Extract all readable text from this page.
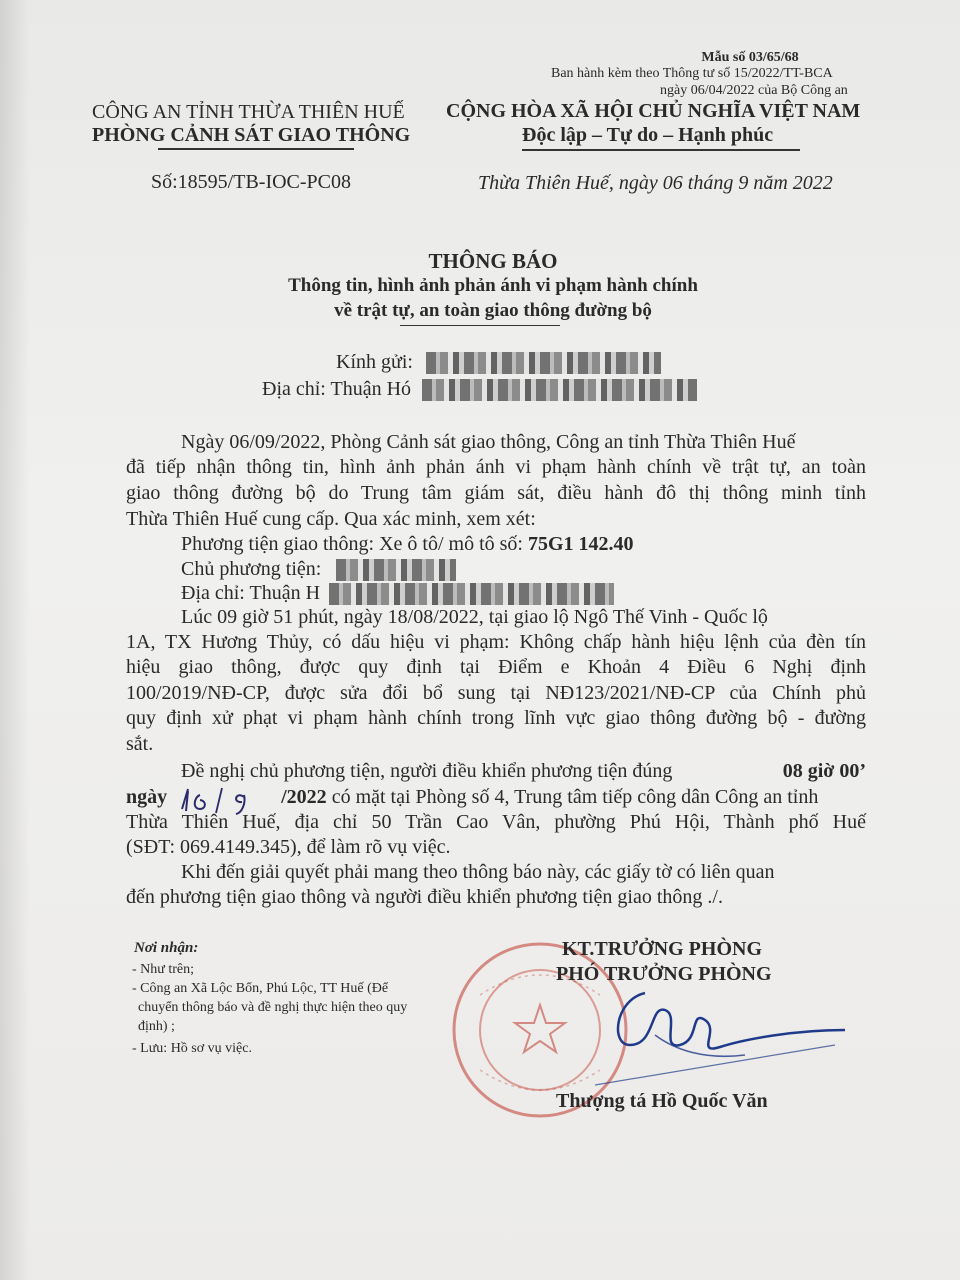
Mẫu số 03/65/68
Ban hành kèm theo Thông tư số 15/2022/TT-BCA
ngày 06/04/2022 của Bộ Công an
CÔNG AN TỈNH THỪA THIÊN HUẾ
PHÒNG CẢNH SÁT GIAO THÔNG
Số:18595/TB-IOC-PC08
CỘNG HÒA XÃ HỘI CHỦ NGHĨA VIỆT NAM
Độc lập – Tự do – Hạnh phúc
Thừa Thiên Huế, ngày 06 tháng 9 năm 2022
THÔNG BÁO
Thông tin, hình ảnh phản ánh vi phạm hành chính
về trật tự, an toàn giao thông đường bộ
Kính gửi:
Địa chỉ: Thuận Hó
Ngày 06/09/2022, Phòng Cảnh sát giao thông, Công an tỉnh Thừa Thiên Huế
đã tiếp nhận thông tin, hình ảnh phản ánh vi phạm hành chính về trật tự, an toàn
giao thông đường bộ do Trung tâm giám sát, điều hành đô thị thông minh tỉnh
Thừa Thiên Huế cung cấp. Qua xác minh, xem xét:
Phương tiện giao thông: Xe ô tô/ mô tô số: 75G1 142.40
Chủ phương tiện:
Địa chỉ: Thuận H
Lúc 09 giờ 51 phút, ngày 18/08/2022, tại giao lộ Ngô Thế Vinh - Quốc lộ
1A, TX Hương Thủy, có dấu hiệu vi phạm: Không chấp hành hiệu lệnh của đèn tín
hiệu giao thông, được quy định tại Điểm e Khoản 4 Điều 6 Nghị định
100/2019/NĐ-CP, được sửa đổi bổ sung tại NĐ123/2021/NĐ-CP của Chính phủ
quy định xử phạt vi phạm hành chính trong lĩnh vực giao thông đường bộ - đường
sắt.
Đề nghị chủ phương tiện, người điều khiển phương tiện đúng	08 giờ 00’
ngày	/2022 có mặt tại Phòng số 4, Trung tâm tiếp công dân Công an tỉnh
Thừa Thiên Huế, địa chỉ 50 Trần Cao Vân, phường Phú Hội, Thành phố Huế
(SĐT: 069.4149.345), để làm rõ vụ việc.
Khi đến giải quyết phải mang theo thông báo này, các giấy tờ có liên quan
đến phương tiện giao thông và người điều khiển phương tiện giao thông ./.
Nơi nhận:
- Như trên;
- Công an Xã Lộc Bổn, Phú Lộc, TT Huế (Để
chuyển thông báo và đề nghị thực hiện theo quy
định) ;
- Lưu: Hồ sơ vụ việc.
KT.TRƯỞNG PHÒNG
PHÓ TRƯỞNG PHÒNG
Thượng tá Hồ Quốc Văn
